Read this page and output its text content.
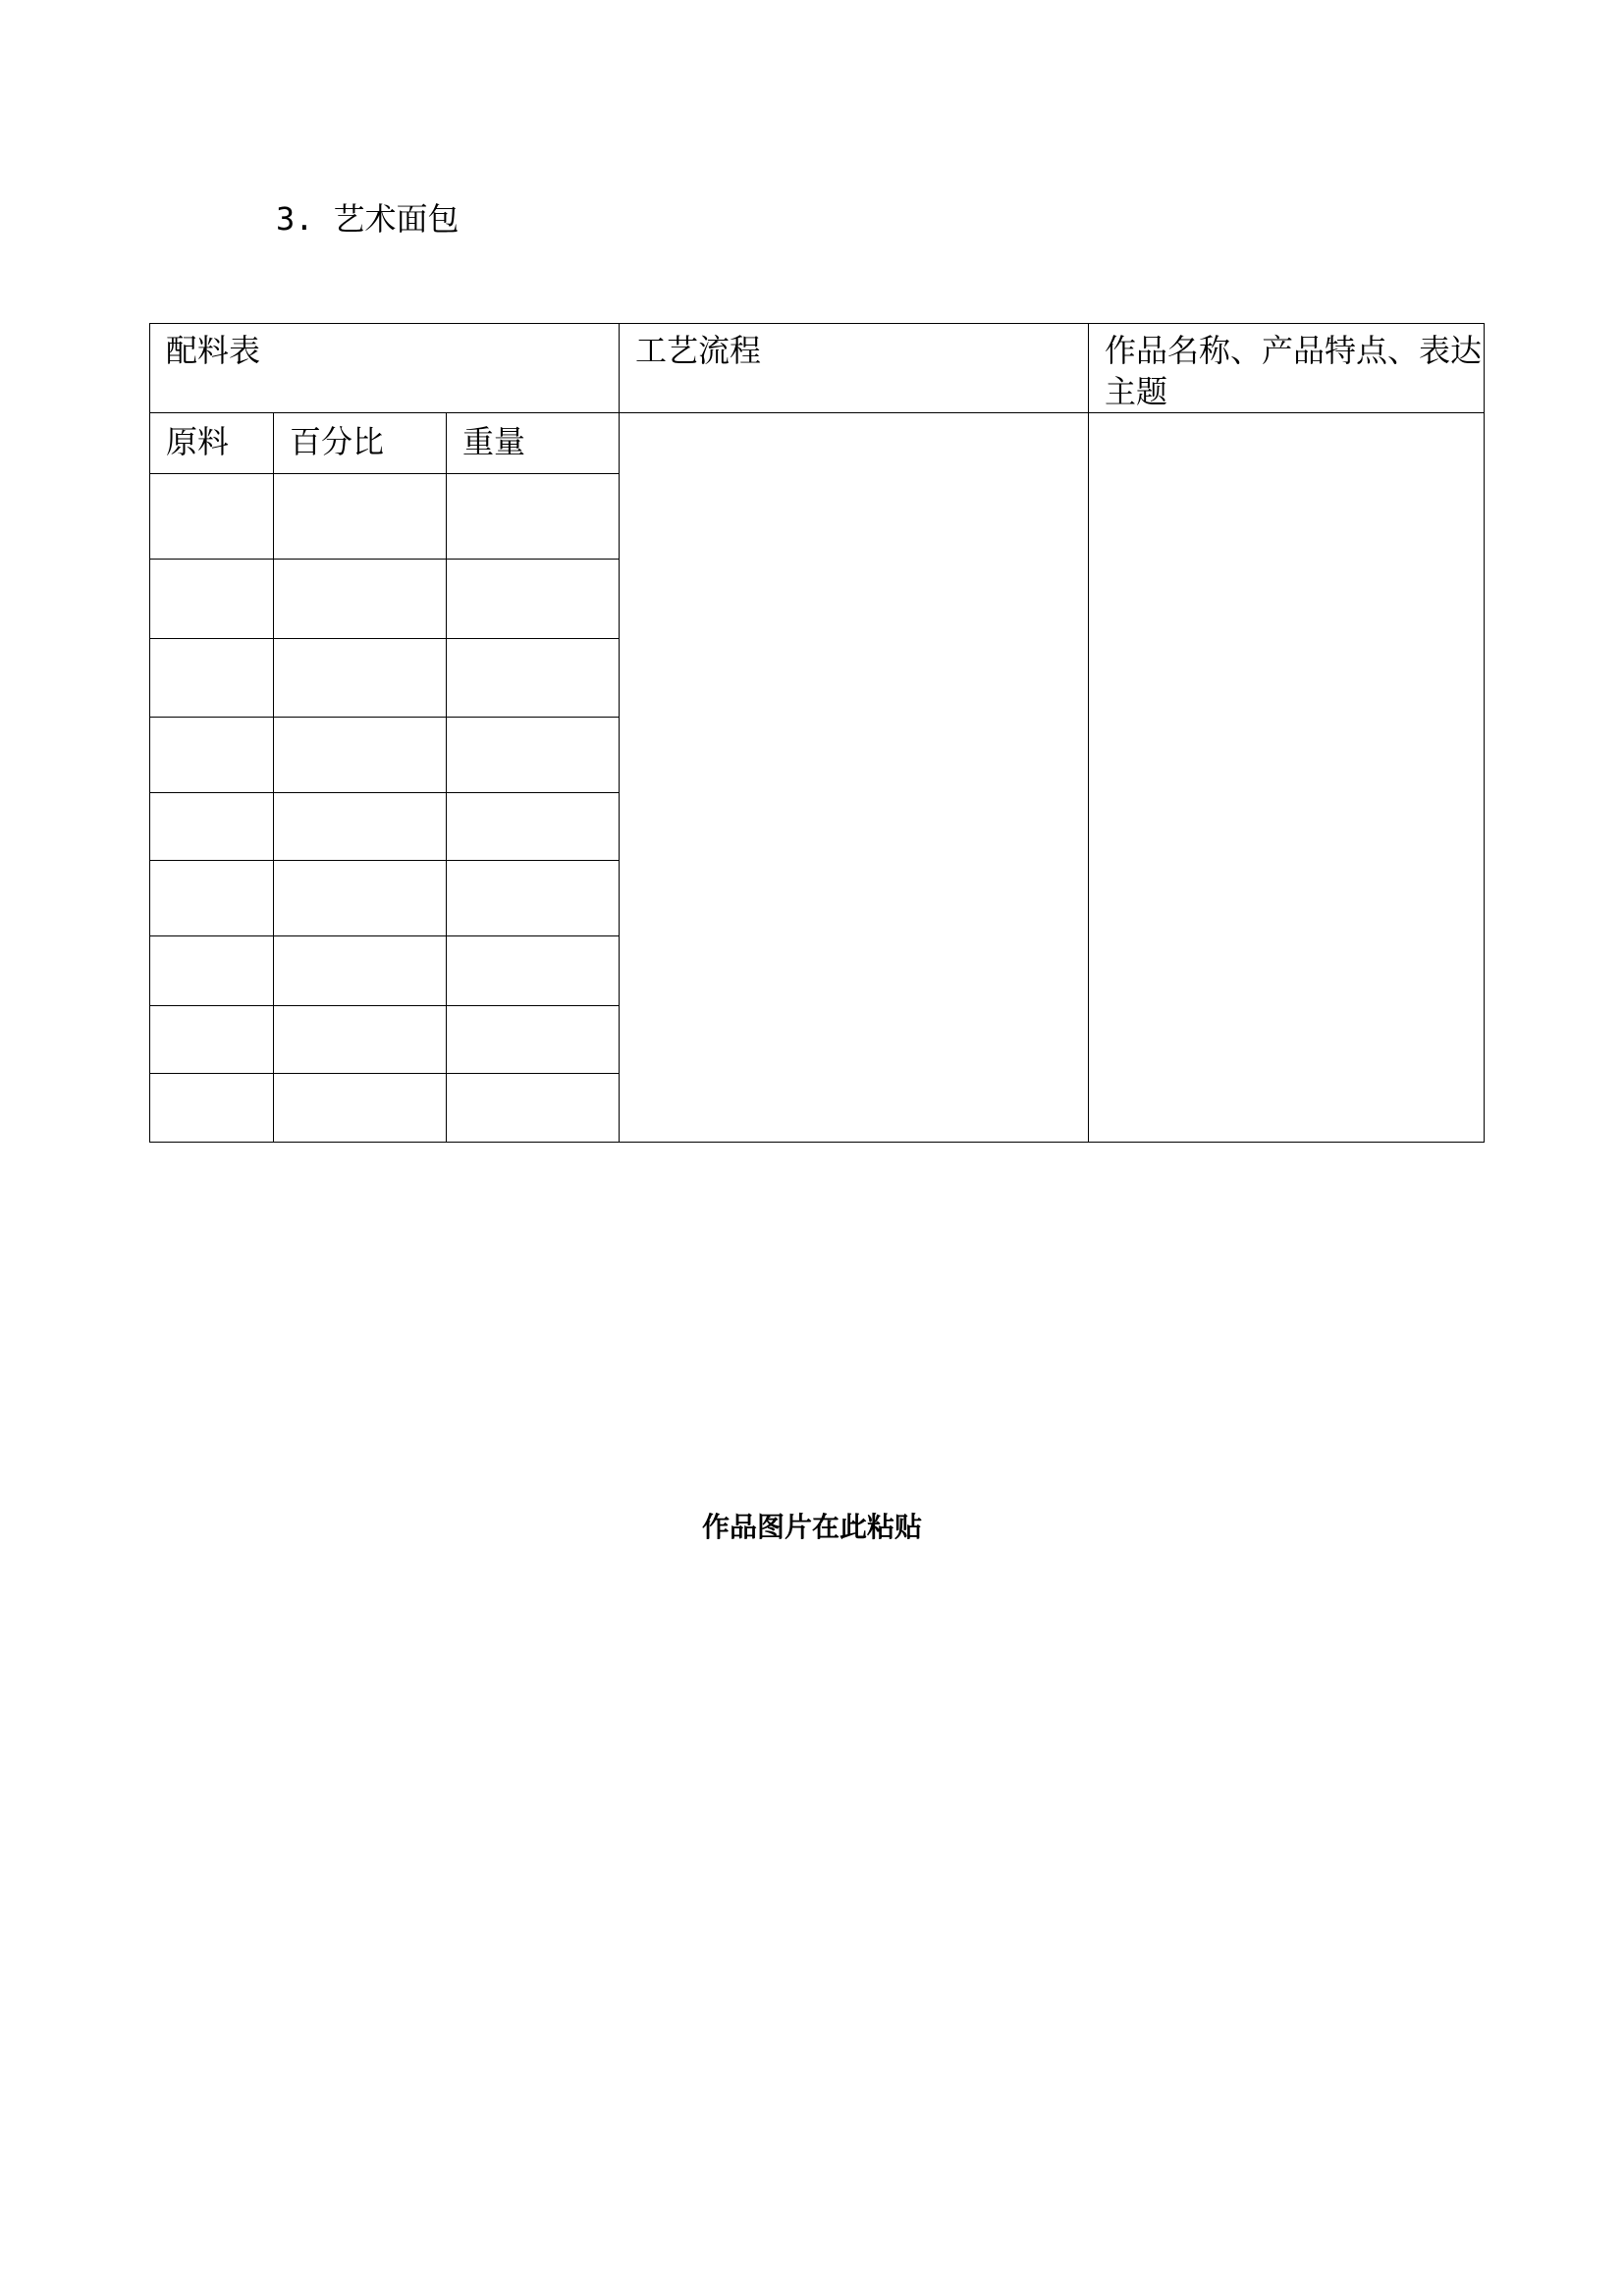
3. 艺术面包
配料表			工艺流程	作品名称、产品特点、表达主题
原料	百分比	重量		

作品图片在此粘贴
